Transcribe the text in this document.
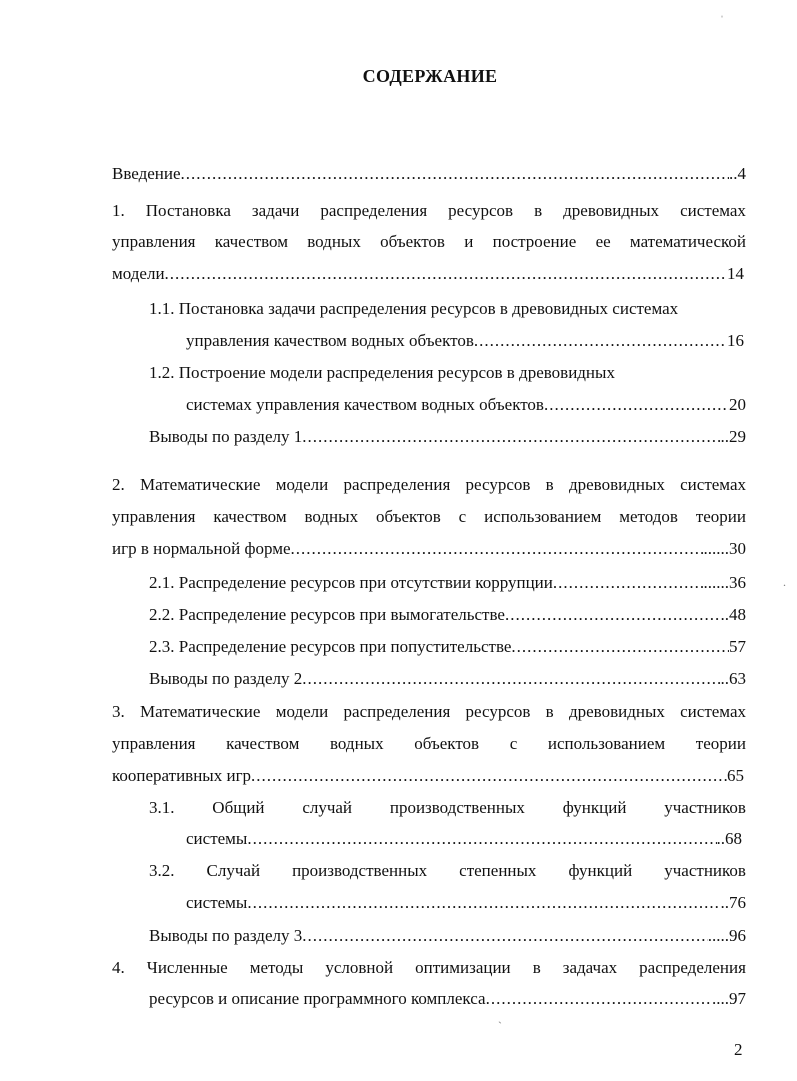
СОДЕРЖАНИЕ
Введение .....	..4
1. Постановка задачи распределения ресурсов в древовидных системах
управления качеством водных объектов и построение ее математической
модели .....	14
1.1. Постановка задачи распределения ресурсов в древовидных системах
управления качеством водных объектов .....	16
1.2. Построение модели распределения ресурсов в древовидных
системах управления качеством водных объектов .....	20
Выводы по разделу 1 .....	..29
2. Математические модели распределения ресурсов в древовидных системах
управления качеством водных объектов с использованием методов теории
игр в нормальной форме .....	......30
2.1. Распределение ресурсов при отсутствии коррупции .....	......36
2.2. Распределение ресурсов при вымогательстве .....	..48
2.3. Распределение ресурсов при попустительстве .....	57
Выводы по разделу 2 .....	..63
3. Математические модели распределения ресурсов в древовидных системах
управления качеством водных объектов с использованием теории
кооперативных игр .....	65
3.1. Общий случай производственных функций участников
системы .....	..68
3.2. Случай производственных степенных функций участников
системы .....	..76
Выводы по разделу 3 .....	.....96
4. Численные методы условной оптимизации в задачах распределения
ресурсов и описание программного комплекса .....	....97
2
ˌ
.
ˎ
